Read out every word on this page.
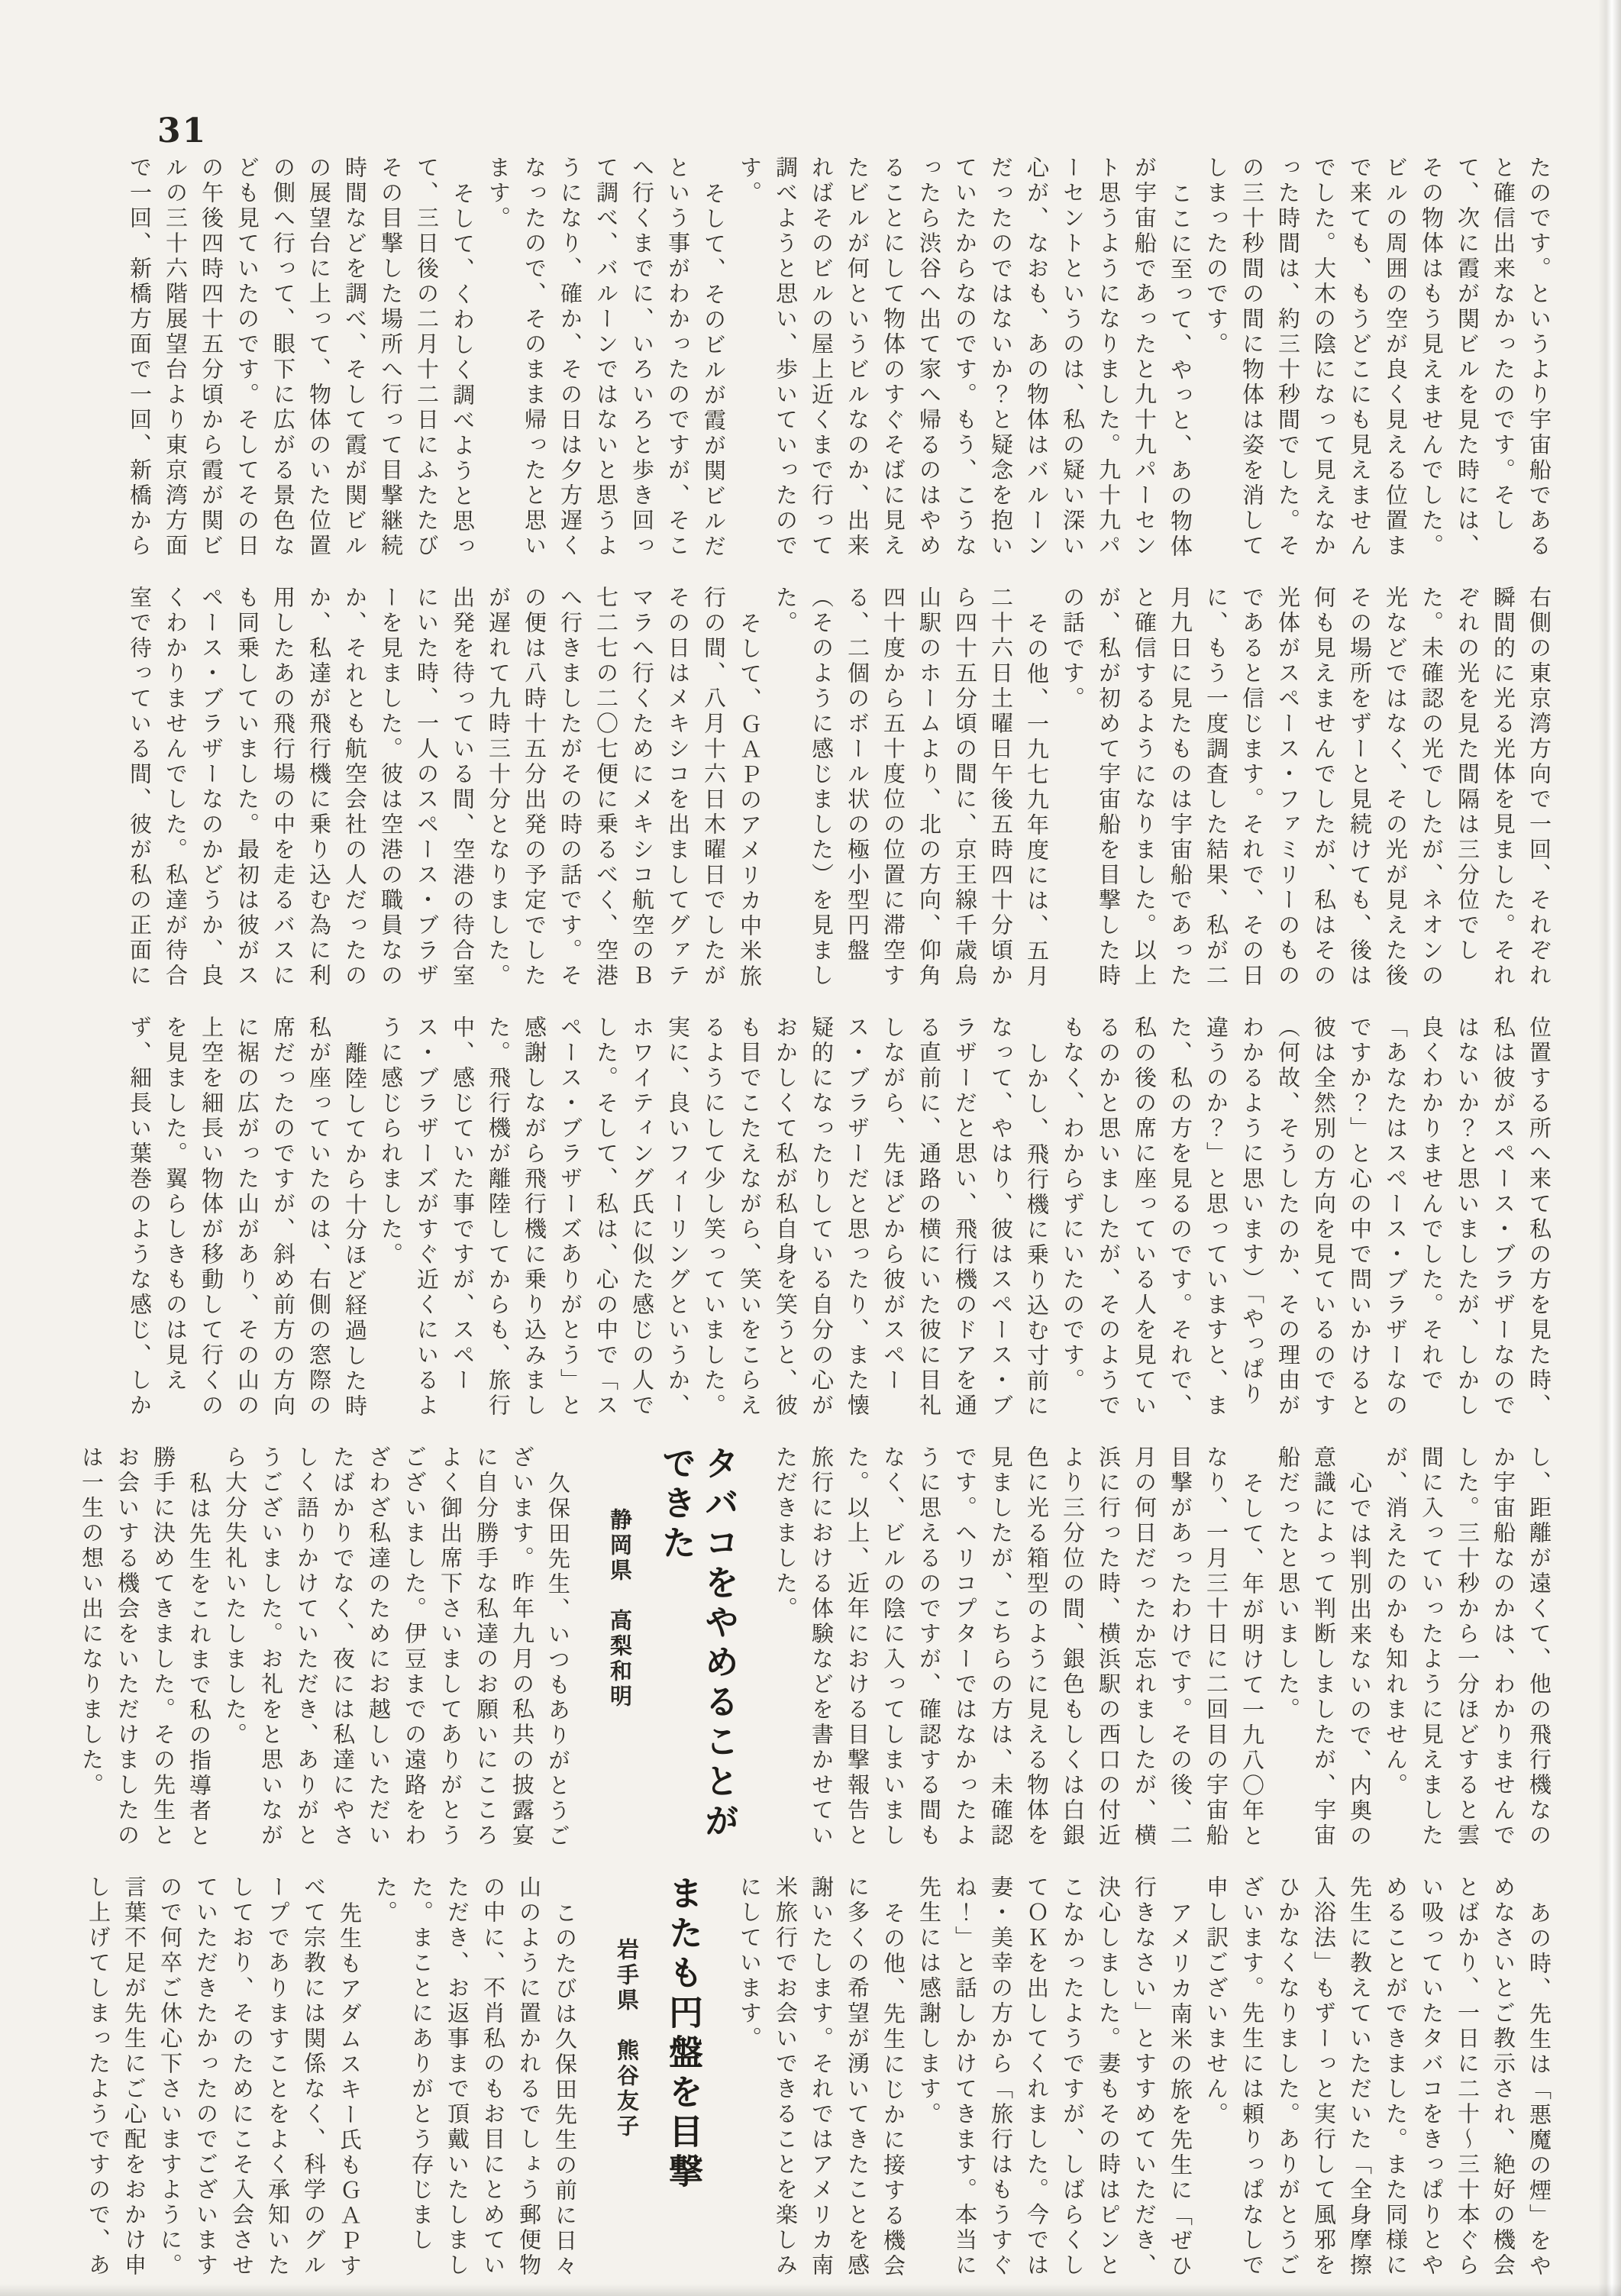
31

たのです。というより宇宙船であると確信出来なかったのです。そして、次に霞が関ビルを見た時には、その物体はもう見えませんでした。ビルの周囲の空が良く見える位置まで来ても、もうどこにも見えませんでした。大木の陰になって見えなかった時間は、約三十秒間でした。その三十秒間の間に物体は姿を消してしまったのです。

ここに至って、やっと、あの物体が宇宙船であったと九十九パーセント思うようになりました。九十九パーセントというのは、私の疑い深い心が、なおも、あの物体はバルーンだったのではないか？と疑念を抱いていたからなのです。もう、こうなったら渋谷へ出て家へ帰るのはやめることにして物体のすぐそばに見えたビルが何というビルなのか、出来ればそのビルの屋上近くまで行って調べようと思い、歩いていったのです。

そして、そのビルが霞が関ビルだという事がわかったのですが、そこへ行くまでに、いろいろと歩き回って調べ、バルーンではないと思うようになり、確か、その日は夕方遅くなったので、そのまま帰ったと思います。

そして、くわしく調べようと思って、三日後の二月十二日にふたたびその目撃した場所へ行って目撃継続時間などを調べ、そして霞が関ビルの展望台に上って、物体のいた位置の側へ行って、眼下に広がる景色なども見ていたのです。そしてその日の午後四時四十五分頃から霞が関ビルの三十六階展望台より東京湾方面で一回、新橋方面で一回、新橋から

右側の東京湾方向で一回、それぞれ瞬間的に光る光体を見ました。それぞれの光を見た間隔は三分位でした。未確認の光でしたが、ネオンの光などではなく、その光が見えた後その場所をずーと見続けても、後は何も見えませんでしたが、私はその光体がスペース・ファミリーのものであると信じます。それで、その日に、もう一度調査した結果、私が二月九日に見たものは宇宙船であったと確信するようになりました。以上が、私が初めて宇宙船を目撃した時の話です。

その他、一九七九年度には、五月二十六日土曜日午後五時四十分頃から四十五分頃の間に、京王線千歳烏山駅のホームより、北の方向、仰角四十度から五十度位の位置に滞空する、二個のボール状の極小型円盤（そのように感じました）を見ました。

そして、ＧＡＰのアメリカ中米旅行の間、八月十六日木曜日でしたがその日はメキシコを出ましてグァテマラへ行くためにメキシコ航空のＢ七二七の二〇七便に乗るべく、空港へ行きましたがその時の話です。その便は八時十五分出発の予定でしたが遅れて九時三十分となりました。出発を待っている間、空港の待合室にいた時、一人のスペース・ブラザーを見ました。彼は空港の職員なのか、それとも航空会社の人だったのか、私達が飛行機に乗り込む為に利用したあの飛行場の中を走るバスにも同乗していました。最初は彼がスペース・ブラザーなのかどうか、良くわかりませんでした。私達が待合室で待っている間、彼が私の正面に

位置する所へ来て私の方を見た時、私は彼がスペース・ブラザーなのではないか？と思いましたが、しかし良くわかりませんでした。それで「あなたはスペース・ブラザーなのですか？」と心の中で問いかけると彼は全然別の方向を見ているのです（何故、そうしたのか、その理由がわかるように思います）「やっぱり違うのか？」と思っていますと、また、私の方を見るのです。それで、私の後の席に座っている人を見ているのかと思いましたが、そのようでもなく、わからずにいたのです。

しかし、飛行機に乗り込む寸前になって、やはり、彼はスペース・ブラザーだと思い、飛行機のドアを通る直前に、通路の横にいた彼に目礼しながら、先ほどから彼がスペース・ブラザーだと思ったり、また懐疑的になったりしている自分の心がおかしくて私が私自身を笑うと、彼も目でこたえながら、笑いをこらえるようにして少し笑っていました。実に、良いフィーリングというか、ホワイティング氏に似た感じの人でした。そして、私は、心の中で「スペース・ブラザーズありがとう」と感謝しながら飛行機に乗り込みました。飛行機が離陸してからも、旅行中、感じていた事ですが、スペース・ブラザーズがすぐ近くにいるように感じられました。

離陸してから十分ほど経過した時私が座っていたのは、右側の窓際の席だったのですが、斜め前方の方向に裾の広がった山があり、その山の上空を細長い物体が移動して行くのを見ました。翼らしきものは見えず、細長い葉巻のような感じ、しか

し、距離が遠くて、他の飛行機なのか宇宙船なのかは、わかりませんでした。三十秒から一分ほどすると雲間に入っていったように見えましたが、消えたのかも知れません。

心では判別出来ないので、内奥の意識によって判断しましたが、宇宙船だったと思いました。

そして、年が明けて一九八〇年となり、一月三十日に二回目の宇宙船目撃があったわけです。その後、二月の何日だったか忘れましたが、横浜に行った時、横浜駅の西口の付近より三分位の間、銀色もしくは白銀色に光る箱型のように見える物体を見ましたが、こちらの方は、未確認です。ヘリコプターではなかったように思えるのですが、確認する間もなく、ビルの陰に入ってしまいました。以上、近年における目撃報告と旅行における体験などを書かせていただきました。

タバコをやめることができた
静岡県　高梨和明

久保田先生、いつもありがとうございます。昨年九月の私共の披露宴に自分勝手な私達のお願いにこころよく御出席下さいましてありがとうございました。伊豆までの遠路をわざわざ私達のためにお越しいただいたばかりでなく、夜には私達にやさしく語りかけていただき、ありがとうございました。お礼をと思いながら大分失礼いたしました。

私は先生をこれまで私の指導者と勝手に決めてきました。その先生とお会いする機会をいただけましたのは一生の想い出になりました。

あの時、先生は「悪魔の煙」をやめなさいとご教示され、絶好の機会とばかり、一日に二十〜三十本ぐらい吸っていたタバコをきっぱりとやめることができました。また同様に先生に教えていただいた「全身摩擦入浴法」もずーっと実行して風邪をひかなくなりました。ありがとうございます。先生には頼りっぱなしで申し訳ございません。

アメリカ南米の旅を先生に「ぜひ行きなさい」とすすめていただき、決心しました。妻もその時はピンとこなかったようですが、しばらくしてＯＫを出してくれました。今では妻・美幸の方から「旅行はもうすぐね！」と話しかけてきます。本当に先生には感謝します。

その他、先生にじかに接する機会に多くの希望が湧いてきたことを感謝いたします。それではアメリカ南米旅行でお会いできることを楽しみにしています。

またも円盤を目撃
岩手県　熊谷友子

このたびは久保田先生の前に日々山のように置かれるでしょう郵便物の中に、不肖私のもお目にとめていただき、お返事まで頂戴いたしました。まことにありがとう存じました。

先生もアダムスキー氏もＧＡＰすべて宗教には関係なく、科学のグループでありますことをよく承知いたしており、そのためにこそ入会させていただきたかったのでございますので何卒ご休心下さいますように。言葉不足が先生にご心配をおかけ申し上げてしまったようですので、あ
